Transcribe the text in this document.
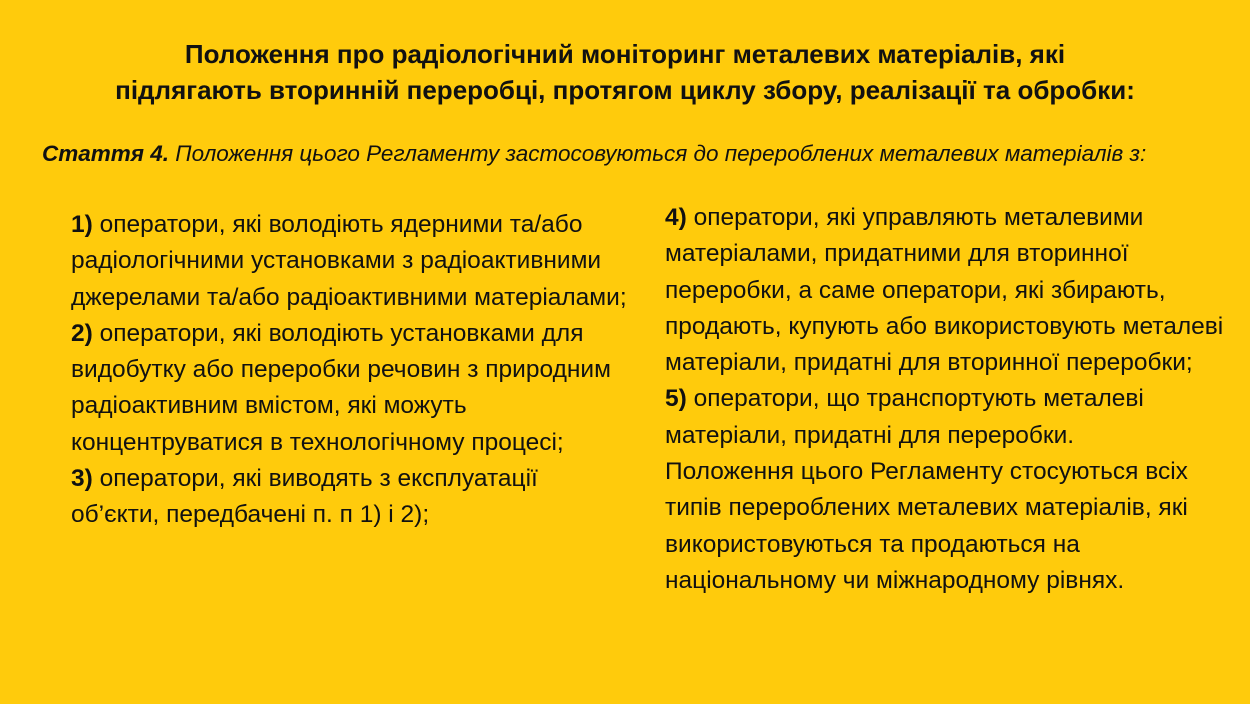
Положення про радіологічний моніторинг металевих матеріалів, які
підлягають вторинній переробці, протягом циклу збору, реалізації та обробки:
Стаття 4. Положення цього Регламенту застосовуються до перероблених металевих матеріалів з:

1) оператори, які володіють ядерними та/або радіологічними установками з радіоактивними джерелами та/або радіоактивними матеріалами;

2) оператори, які володіють установками для видобутку або переробки речовин з природним радіоактивним вмістом, які можуть концентруватися в технологічному процесі;

3) оператори, які виводять з експлуатації об’єкти, передбачені п. п 1) і 2);

4) оператори, які управляють металевими матеріалами, придатними для вторинної переробки, а саме оператори, які збирають, продають, купують або використовують металеві матеріали, придатні для вторинної переробки;

5) оператори, що транспортують металеві матеріали, придатні для переробки.

Положення цього Регламенту стосуються всіх типів перероблених металевих матеріалів, які використовуються та продаються на національному чи міжнародному рівнях.
